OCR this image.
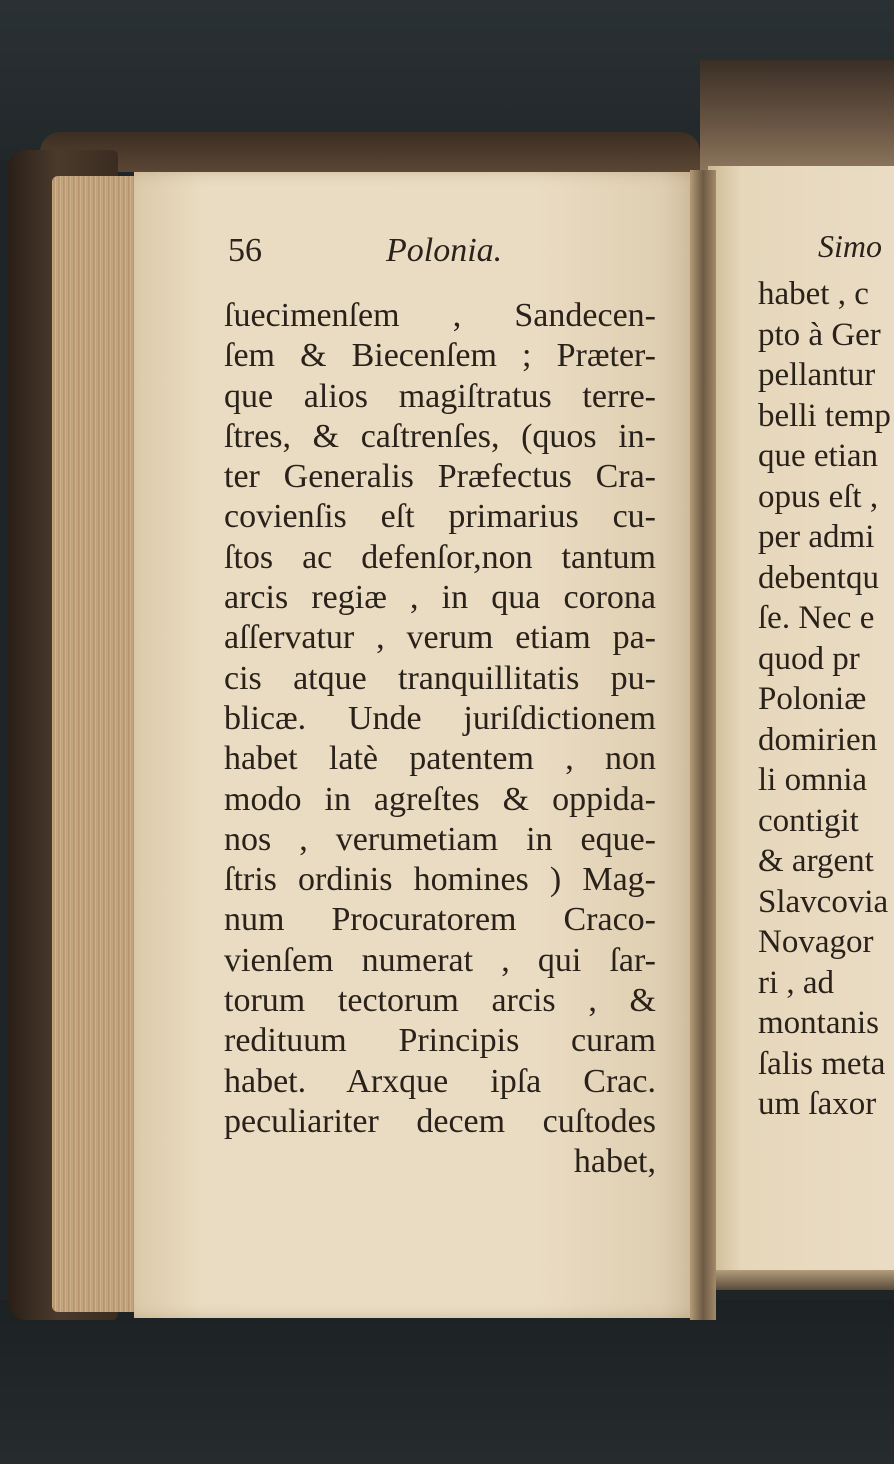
56	Polonia.
ſuecimenſem , Sandecen-
ſem & Biecenſem ; Præter-
que alios magiſtratus terre-
ſtres, & caſtrenſes, (quos in-
ter Generalis Præfectus Cra-
covienſis eſt primarius cu-
ſtos ac defenſor,non tantum
arcis regiæ , in qua corona
aſſervatur , verum etiam pa-
cis atque tranquillitatis pu-
blicæ. Unde juriſdictionem
habet latè patentem , non
modo in agreſtes & oppida-
nos , verumetiam in eque-
ſtris ordinis homines ) Mag-
num Procuratorem Craco-
vienſem numerat , qui ſar-
torum tectorum arcis , &
redituum Principis curam
habet. Arxque ipſa Crac.
peculiariter decem cuſtodes
habet,
Simo
habet , c
pto à Ger
pellantur
belli temp
que etian
opus eſt ,
per admi
debentqu
ſe. Nec e
quod pr
Poloniæ
domirien
li omnia
contigit
& argent
Slavcovia
Novagor
ri , ad
montanis
ſalis meta
um ſaxor
